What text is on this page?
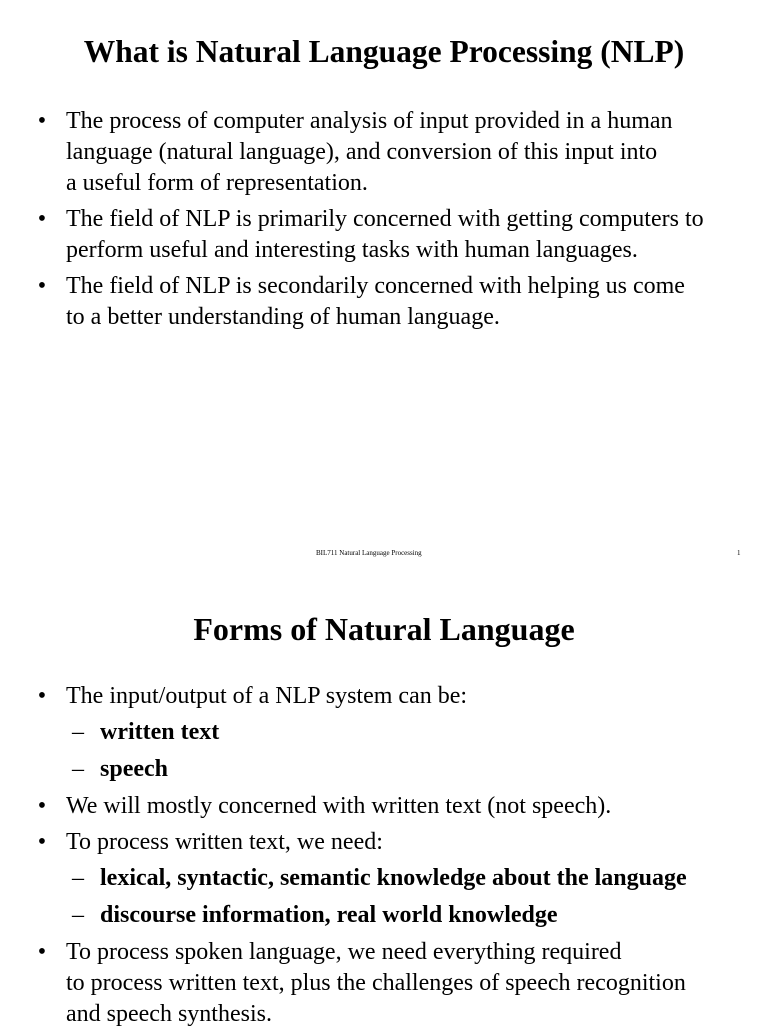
What is Natural Language Processing (NLP)
• The process of computer analysis of input provided in a human
language (natural language), and conversion of this input into
a useful form of representation.
• The field of NLP is primarily concerned with getting computers to
perform useful and interesting tasks with human languages.
• The field of NLP is secondarily concerned with helping us come
to a better understanding of human language.
BIL711 Natural Language Processing	1
Forms of Natural Language
• The input/output of a NLP system can be:
– written text
– speech
• We will mostly concerned with written text (not speech).
• To process written text, we need:
– lexical, syntactic, semantic knowledge about the language
– discourse information, real world knowledge
• To process spoken language, we need everything required
to process written text, plus the challenges of speech recognition
and speech synthesis.
